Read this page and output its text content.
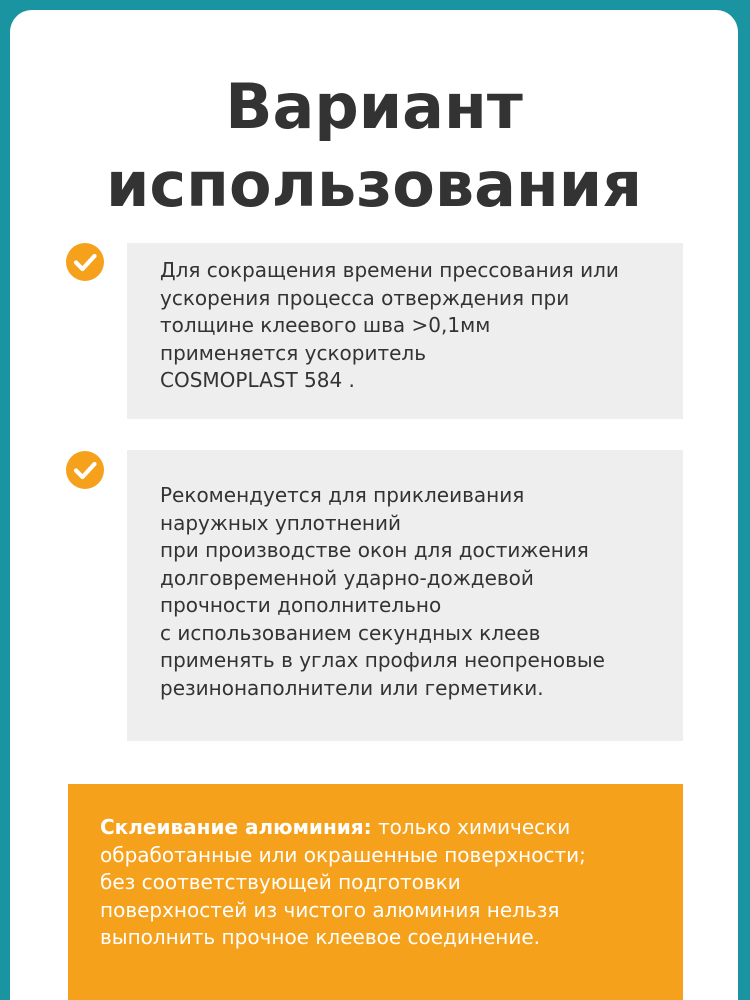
Вариант
использования
Для сокращения времени прессования или
ускорения процесса отверждения при
толщине клеевого шва >0,1мм
применяется ускоритель
COSMOPLAST 584 .
Рекомендуется для приклеивания
наружных уплотнений
при производстве окон для достижения
долговременной ударно-дождевой
прочности дополнительно
с использованием секундных клеев
применять в углах профиля неопреновые
резинонаполнители или герметики.
Склеивание алюминия: только химически
обработанные или окрашенные поверхности;
без соответствующей подготовки
поверхностей из чистого алюминия нельзя
выполнить прочное клеевое соединение.
